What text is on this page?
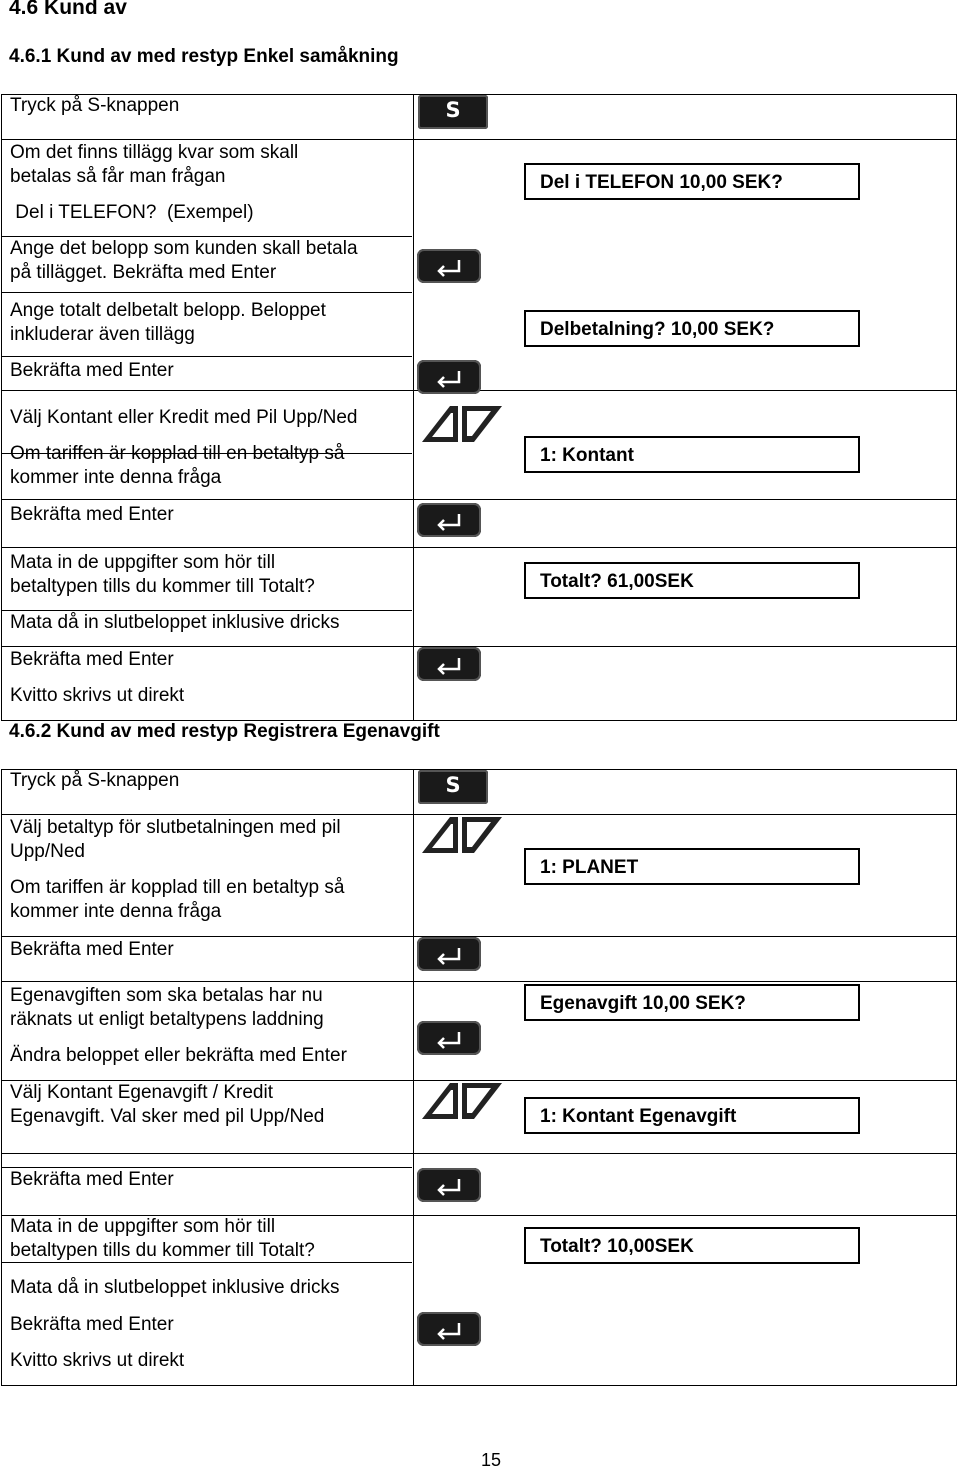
4.6 Kund av
4.6.1 Kund av med restyp Enkel samåkning
Tryck på S-knappen
Om det finns tillägg kvar som skall
betalas så får man frågan
Del i TELEFON?  (Exempel)
Ange det belopp som kunden skall betala
på tillägget. Bekräfta med Enter
Ange totalt delbetalt belopp. Beloppet
inkluderar även tillägg
Bekräfta med Enter
Välj Kontant eller Kredit med Pil Upp/Ned
Om tariffen är kopplad till en betaltyp så
kommer inte denna fråga
Bekräfta med Enter
Mata in de uppgifter som hör till
betaltypen tills du kommer till Totalt?
Mata då in slutbeloppet inklusive dricks
Bekräfta med Enter
Kvitto skrivs ut direkt
Del i TELEFON 10,00 SEK?
Delbetalning? 10,00 SEK?
1: Kontant
Totalt? 61,00SEK
S
4.6.2 Kund av med restyp Registrera Egenavgift
Tryck på S-knappen
Välj betaltyp för slutbetalningen med pil
Upp/Ned
Om tariffen är kopplad till en betaltyp så
kommer inte denna fråga
Bekräfta med Enter
Egenavgiften som ska betalas har nu
räknats ut enligt betaltypens laddning
Ändra beloppet eller bekräfta med Enter
Välj Kontant Egenavgift / Kredit
Egenavgift. Val sker med pil Upp/Ned
Bekräfta med Enter
Mata in de uppgifter som hör till
betaltypen tills du kommer till Totalt?
Mata då in slutbeloppet inklusive dricks
Bekräfta med Enter
Kvitto skrivs ut direkt
1: PLANET
Egenavgift 10,00 SEK?
1: Kontant Egenavgift
Totalt? 10,00SEK
S
15
